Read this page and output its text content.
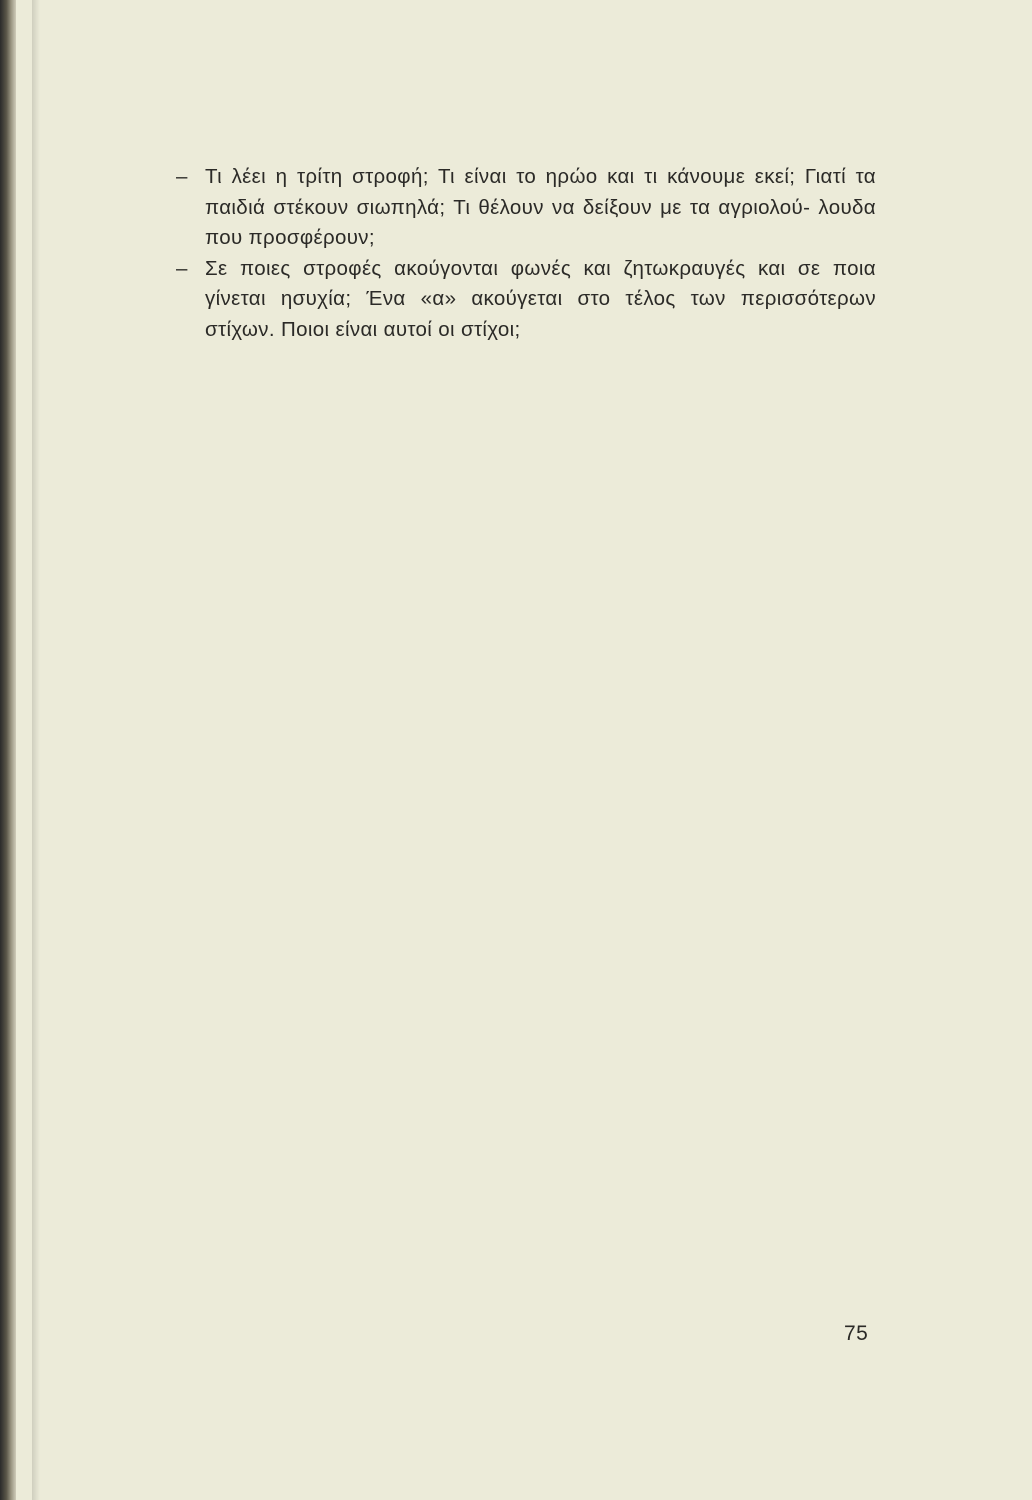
– Τι λέει η τρίτη στροφή; Τι είναι το ηρώο και τι κάνουμε εκεί; Γιατί τα παιδιά στέκουν σιωπηλά; Τι θέλουν να δείξουν με τα αγριολού- λουδα που προσφέρουν;
– Σε ποιες στροφές ακούγονται φωνές και ζητωκραυγές και σε ποια γίνεται ησυχία; Ένα «α» ακούγεται στο τέλος των περισσότερων στίχων. Ποιοι είναι αυτοί οι στίχοι;
75
